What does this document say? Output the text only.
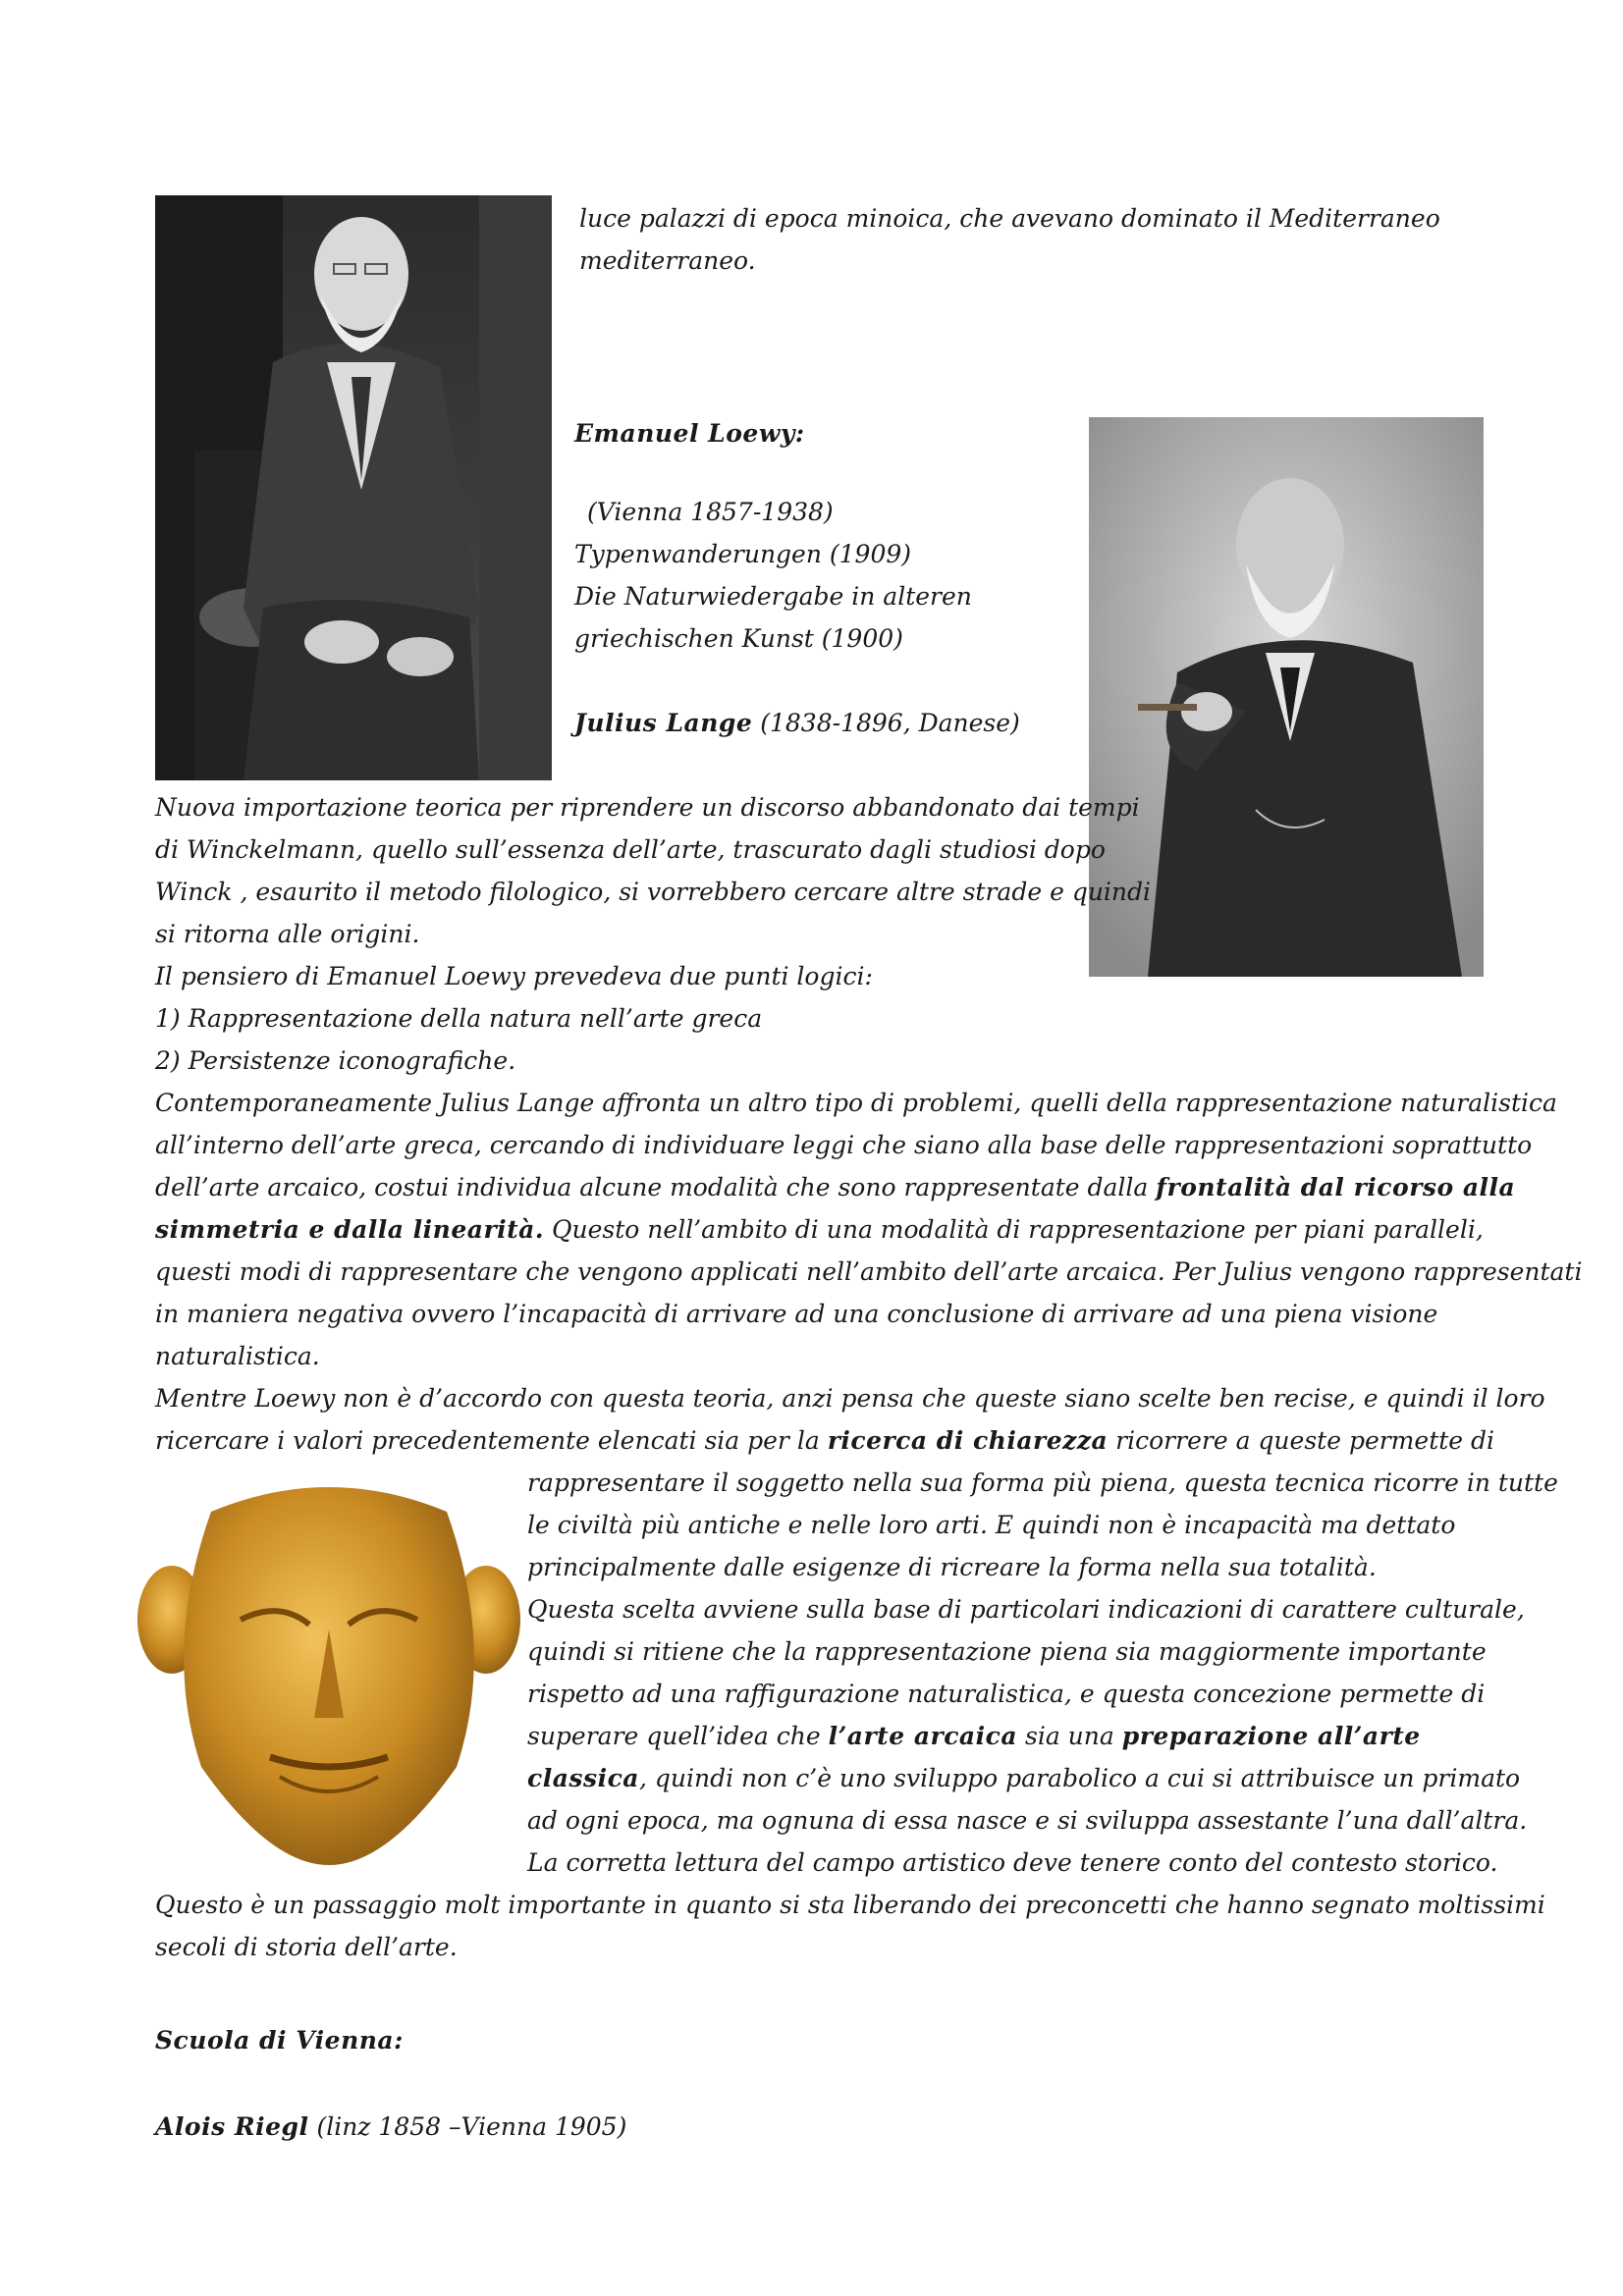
luce palazzi di epoca minoica, che avevano dominato il Mediterraneo
mediterraneo.
Emanuel Loewy:
(Vienna 1857-1938)
Typenwanderungen (1909)
Die Naturwiedergabe in alteren
griechischen Kunst (1900)
Julius Lange (1838-1896, Danese)
Nuova importazione teorica per riprendere un discorso abbandonato dai tempi
di Winckelmann, quello sull’essenza dell’arte, trascurato dagli studiosi dopo
Winck , esaurito il metodo filologico, si vorrebbero cercare altre strade e quindi
si ritorna alle origini.
Il pensiero di Emanuel Loewy prevedeva due punti logici:
1) Rappresentazione della natura nell’arte greca
2) Persistenze iconografiche.
Contemporaneamente Julius Lange affronta un altro tipo di problemi, quelli della rappresentazione naturalistica
all’interno dell’arte greca, cercando di individuare leggi che siano alla base delle rappresentazioni soprattutto
dell’arte arcaico, costui individua alcune modalità che sono rappresentate dalla frontalità dal ricorso alla
simmetria e dalla linearità. Questo nell’ambito di una modalità di rappresentazione per piani paralleli,
questi modi di rappresentare che vengono applicati nell’ambito dell’arte arcaica. Per Julius vengono rappresentati
in maniera negativa ovvero l’incapacità di arrivare ad una conclusione di arrivare ad una piena visione
naturalistica.
Mentre Loewy non è d’accordo con questa teoria, anzi pensa che queste siano scelte ben recise, e quindi il loro
ricercare i valori precedentemente elencati sia per la ricerca di chiarezza ricorrere a queste permette di
rappresentare il soggetto nella sua forma più piena, questa tecnica ricorre in tutte
le civiltà più antiche e nelle loro arti. E quindi non è incapacità ma dettato
principalmente dalle esigenze di ricreare la forma nella sua totalità.
Questa scelta avviene sulla base di particolari indicazioni di carattere culturale,
quindi si ritiene che la rappresentazione piena sia maggiormente importante
rispetto ad una raffigurazione naturalistica, e questa concezione permette di
superare quell’idea che l’arte arcaica sia una preparazione all’arte
classica, quindi non c’è uno sviluppo parabolico a cui si attribuisce un primato
ad ogni epoca, ma ognuna di essa nasce e si sviluppa assestante l’una dall’altra.
La corretta lettura del campo artistico deve tenere conto del contesto storico.
Questo è un passaggio molt importante in quanto si sta liberando dei preconcetti che hanno segnato moltissimi
secoli di storia dell’arte.
Scuola di Vienna:
Alois Riegl (linz 1858 –Vienna 1905)
